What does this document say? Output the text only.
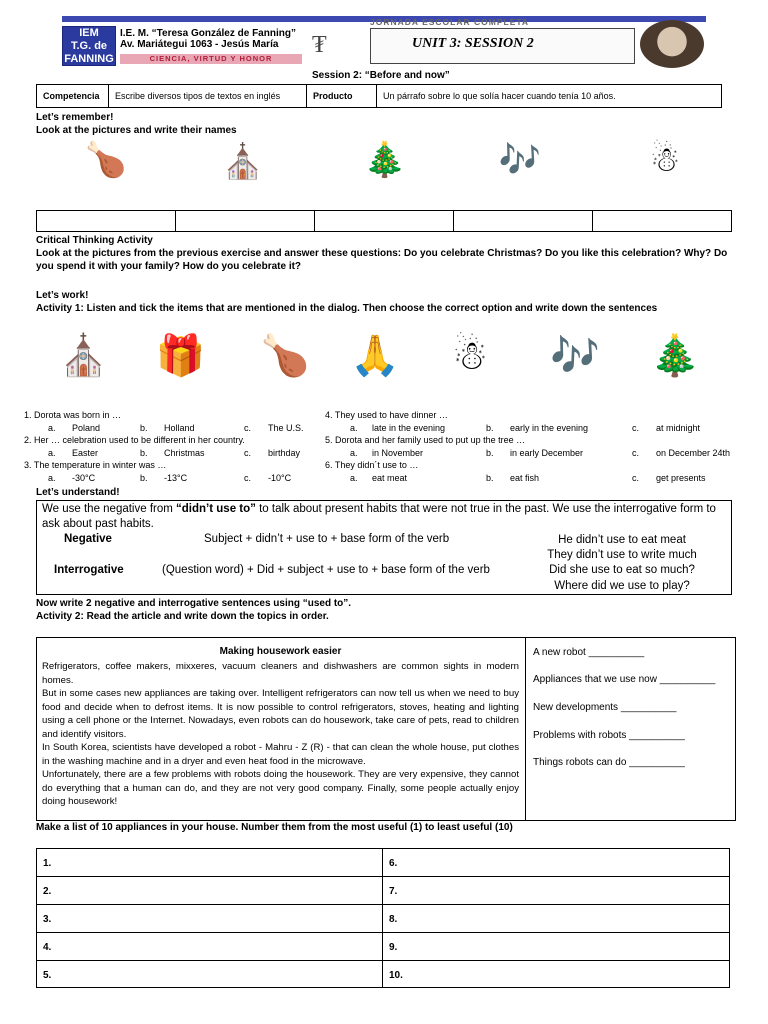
IEM
T.G. de
FANNING
I.E. M. “Teresa González de Fanning”
Av. Mariátegui 1063 - Jesús María
CIENCIA, VIRTUD Y HONOR
₮
JORNADA ESCOLAR COMPLETA
UNIT 3: SESSION 2
Session 2: “Before and now”
Competencia	Escribe diversos tipos de textos en inglés	Producto	Un párrafo sobre lo que solía hacer cuando tenía 10 años.
Let’s remember!
Look at the pictures and write their names
🍗	⛪	🎄	🎶	☃
Critical Thinking Activity
Look at the pictures from the previous exercise and answer these questions: Do you celebrate Christmas? Do you like this celebration? Why? Do you spend it with your family? How do you celebrate it?
Let’s work!
Activity 1: Listen and tick the items that are mentioned in the dialog. Then choose the correct option and write down the sentences
⛪	🎁	🍗	🙏	☃	🎶 🎄
1. Dorota was born in …
a. Poland	b. Holland	c. The U.S.
2. Her … celebration used to be different in her country.
a. Easter	b. Christmas	c. birthday
3. The temperature in winter was …
a. -30°C	b. -13°C	c. -10°C
4. They used to have dinner …
a. late in the evening	b. early in the evening	c. at midnight
5. Dorota and her family used to put up the tree …
a. in November	b. in early December	c. on December 24th
6. They didn´t use to …
a. eat meat	b. eat fish	c. get presents
Let’s understand!
We use the negative from “didn’t use to” to talk about present habits that were not true in the past. We use the interrogative form to ask about past habits.
Negative	Subject + didn’t + use to + base form of the verb
Interrogative	(Question word) + Did + subject + use to + base form of the verb
He didn’t use to eat meat
They didn’t use to write much
Did she use to eat so much?
Where did we use to play?
Now write 2 negative and interrogative sentences using “used to”.
Activity 2: Read the article and write down the topics in order.
Making housework easier
Refrigerators, coffee makers, mixxeres, vacuum cleaners and dishwashers are common sights in modern homes.
But in some cases new appliances are taking over. Intelligent refrigerators can now tell us when we need to buy food and decide when to defrost items. It is now possible to control refrigerators, stoves, heating and lighting using a cell phone or the Internet. Nowadays, even robots can do housework, take care of pets, read to children and identify visitors.
In South Korea, scientists have developed a robot - Mahru - Z (R) - that can clean the whole house, put clothes in the washing machine and in a dryer and even heat food in the microwave.
Unfortunately, there are a few problems with robots doing the housework. They are very expensive, they cannot do everything that a human can do, and they are not very good company. Finally, some people actually enjoy doing housework!
A new robot __________
Appliances that we use now __________
New developments __________
Problems with robots __________
Things robots can do __________
Make a list of 10 appliances in your house. Number them from the most useful (1) to least useful (10)
1.	6.
2.	7.
3.	8.
4.	9.
5.	10.
